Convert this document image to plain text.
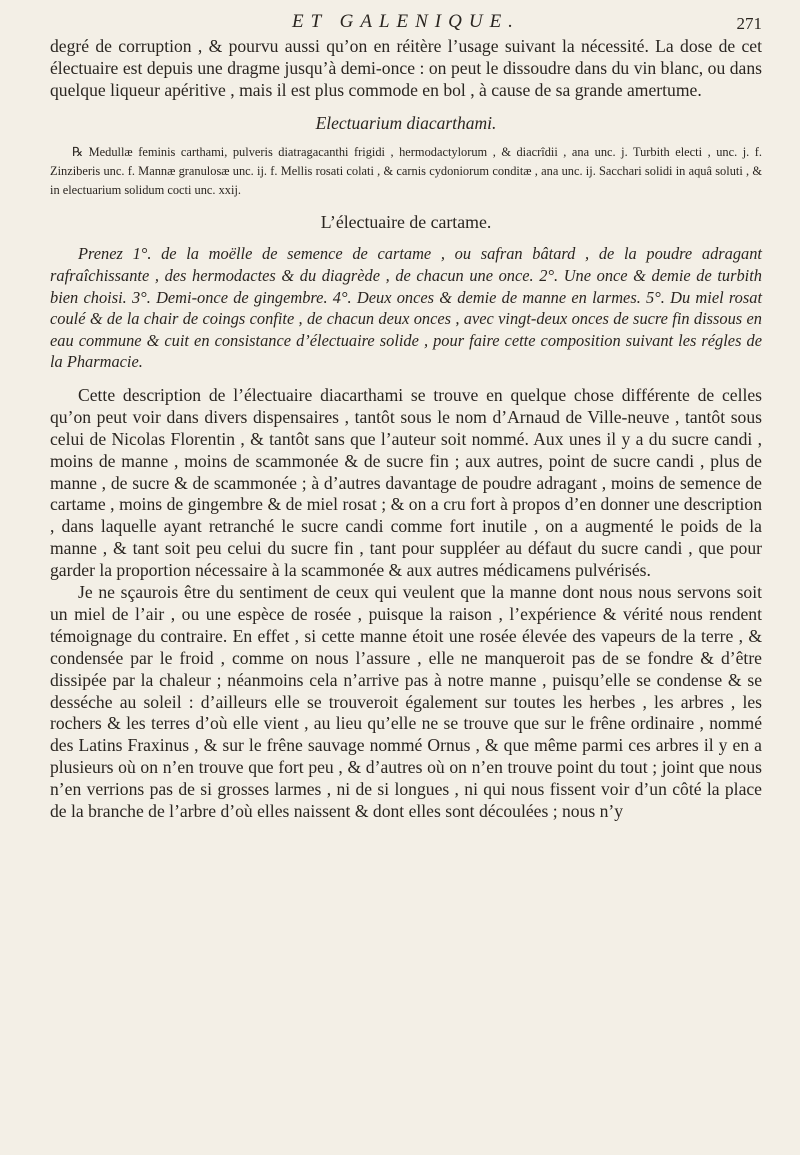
ET GALENIQUE.	271

degré de corruption , & pourvu aussi qu’on en réitère l’usage suivant la nécessité. La dose de cet électuaire est depuis une dragme jusqu’à demi-once : on peut le dissoudre dans du vin blanc, ou dans quelque liqueur apéritive , mais il est plus commode en bol , à cause de sa grande amertume.

Electuarium diacarthami.

℞ Medullæ feminis carthami, pulveris diatragacanthi frigidi , hermodactylorum , & diacrîdii , ana unc. j. Turbith electi , unc. j. f. Zinziberis unc. f. Mannæ granulosæ unc. ij. f. Mellis rosati colati , & carnis cydoniorum conditæ , ana unc. ij. Sacchari solidi in aquâ soluti , & in electuarium solidum cocti unc. xxij.

L’électuaire de cartame.

Prenez 1°. de la moëlle de semence de cartame , ou safran bâtard , de la poudre adragant rafraîchissante , des hermodactes & du diagrède , de chacun une once. 2°. Une once & demie de turbith bien choisi. 3°. Demi-once de gingembre. 4°. Deux onces & demie de manne en larmes. 5°. Du miel rosat coulé & de la chair de coings confite , de chacun deux onces , avec vingt-deux onces de sucre fin dissous en eau commune & cuit en consistance d’électuaire solide , pour faire cette composition suivant les régles de la Pharmacie.

Cette description de l’électuaire diacarthami se trouve en quelque chose différente de celles qu’on peut voir dans divers dispensaires , tantôt sous le nom d’Arnaud de Ville-neuve , tantôt sous celui de Nicolas Florentin , & tantôt sans que l’auteur soit nommé. Aux unes il y a du sucre candi , moins de manne , moins de scammonée & de sucre fin ; aux autres, point de sucre candi , plus de manne , de sucre & de scammonée ; à d’autres davantage de poudre adragant , moins de semence de cartame , moins de gingembre & de miel rosat ; & on a cru fort à propos d’en donner une description , dans laquelle ayant retranché le sucre candi comme fort inutile , on a augmenté le poids de la manne , & tant soit peu celui du sucre fin , tant pour suppléer au défaut du sucre candi , que pour garder la proportion nécessaire à la scammonée & aux autres médicamens pulvérisés.

Je ne sçaurois être du sentiment de ceux qui veulent que la manne dont nous nous servons soit un miel de l’air , ou une espèce de rosée , puisque la raison , l’expérience & vérité nous rendent témoignage du contraire. En effet , si cette manne étoit une rosée élevée des vapeurs de la terre , & condensée par le froid , comme on nous l’assure , elle ne manqueroit pas de se fondre & d’être dissipée par la chaleur ; néanmoins cela n’arrive pas à notre manne , puisqu’elle se condense & se desséche au soleil : d’ailleurs elle se trouveroit également sur toutes les herbes , les arbres , les rochers & les terres d’où elle vient , au lieu qu’elle ne se trouve que sur le frêne ordinaire , nommé des Latins Fraxinus , & sur le frêne sauvage nommé Ornus , & que même parmi ces arbres il y en a plusieurs où on n’en trouve que fort peu , & d’autres où on n’en trouve point du tout ; joint que nous n’en verrions pas de si grosses larmes , ni de si longues , ni qui nous fissent voir d’un côté la place de la branche de l’arbre d’où elles naissent & dont elles sont découlées ; nous n’y
